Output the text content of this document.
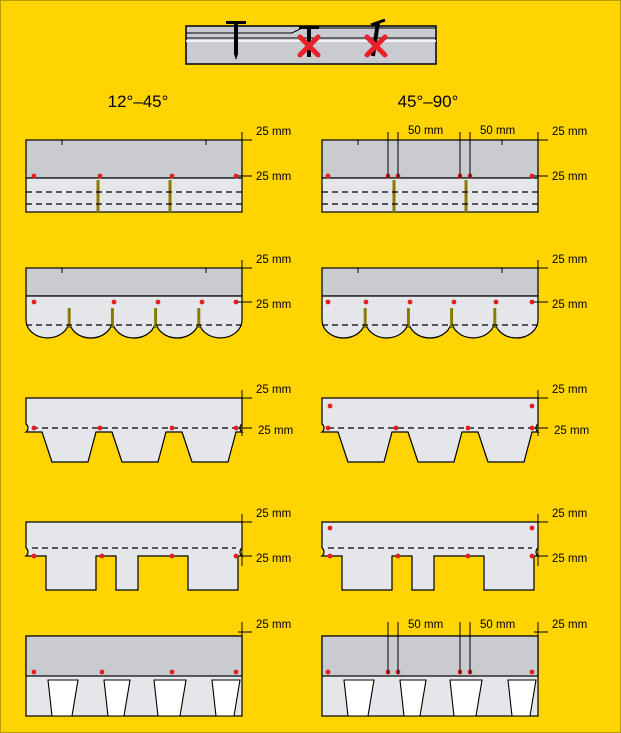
12°–45°	45°–90°
25 mm
25 mm
25 mm
25 mm
50 mm	50 mm
25 mm
25 mm
25 mm
25 mm
25 mm
25 mm
25 mm
25 mm
25 mm
25 mm
25 mm
25 mm
25 mm	25 mm
50 mm	50 mm
